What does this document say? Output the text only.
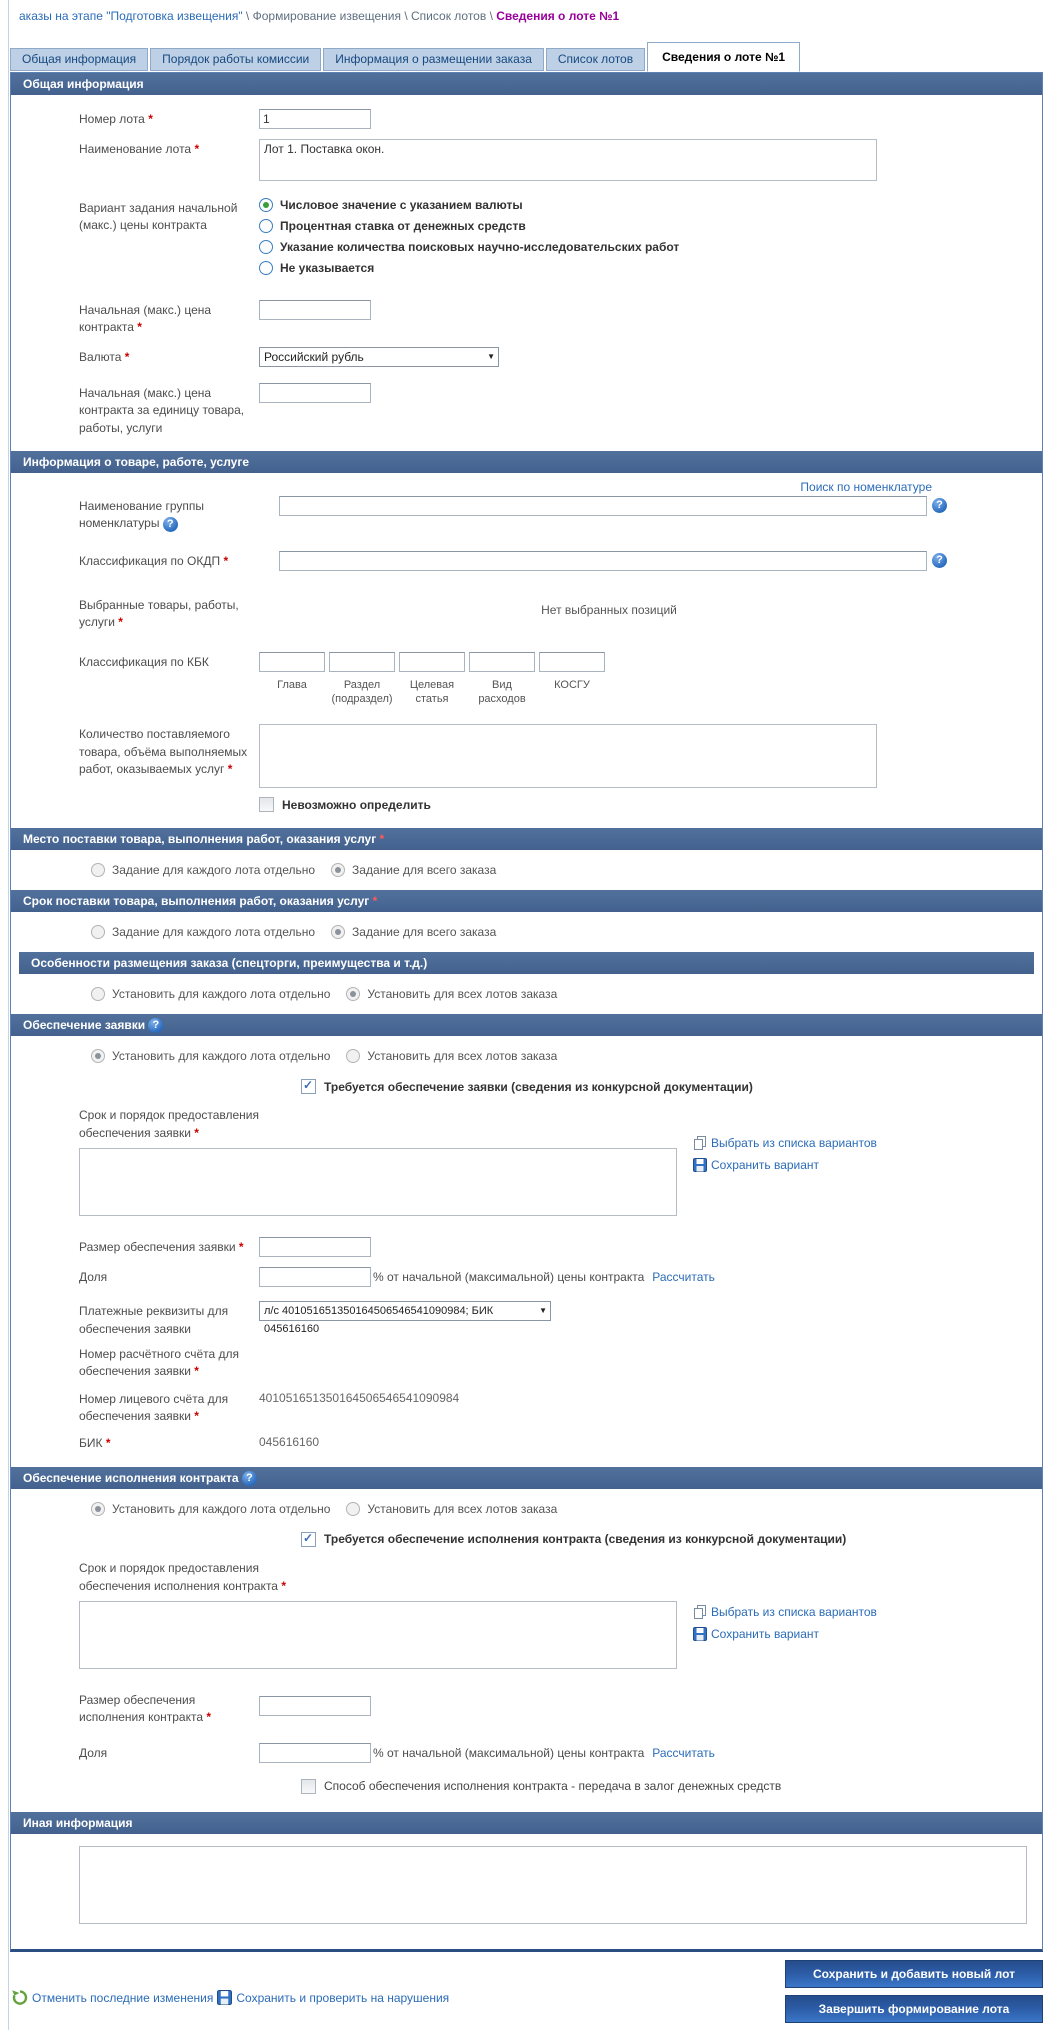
аказы на этапе "Подготовка извещения" \ Формирование извещения \ Список лотов \ Сведения о лоте №1
Общая информация	Порядок работы комиссии	Информация о размещении заказа	Список лотов	Сведения о лоте №1
Общая информация
Номер лота *
1
Наименование лота *
Лот 1. Поставка окон.
Вариант задания начальной (макс.) цены контракта
Числовое значение с указанием валюты
Процентная ставка от денежных средств
Указание количества поисковых научно-исследовательских работ
Не указывается
Начальная (макс.) цена контракта *
Валюта *	Российский рубль ▼
Начальная (макс.) цена контракта за единицу товара, работы, услуги
Информация о товаре, работе, услуге
Поиск по номенклатуре
Наименование группы номенклатуры ?
?
Классификация по ОКДП *	?
Выбранные товары, работы, услуги *
Нет выбранных позиций
Классификация по КБК
Глава	Раздел (подраздел)
Целевая статья
Вид расходов
КОСГУ
Количество поставляемого товара, объёма выполняемых работ, оказываемых услуг *
Невозможно определить
Место поставки товара, выполнения работ, оказания услуг *
Задание для каждого лота отдельно	Задание для всего заказа
Срок поставки товара, выполнения работ, оказания услуг *
Задание для каждого лота отдельно	Задание для всего заказа
Особенности размещения заказа (спецторги, преимущества и т.д.)
Установить для каждого лота отдельно	Установить для всех лотов заказа
Обеспечение заявки ?
Установить для каждого лота отдельно	Установить для всех лотов заказа
✓
Требуется обеспечение заявки (сведения из конкурсной документации)
Срок и порядок предоставления обеспечения заявки *
Выбрать из списка вариантов
Сохранить вариант
Размер обеспечения заявки *
Доля	% от начальной (максимальной) цены контракта Рассчитать
Платежные реквизиты для обеспечения заявки
л/с 401051651350164506546541090984; БИК 045616160 ▼
Номер расчётного счёта для обеспечения заявки *
Номер лицевого счёта для обеспечения заявки *
401051651350164506546541090984
БИК *	045616160
Обеспечение исполнения контракта ?
Установить для каждого лота отдельно	Установить для всех лотов заказа
✓
Требуется обеспечение исполнения контракта (сведения из конкурсной документации)
Срок и порядок предоставления обеспечения исполнения контракта *
Выбрать из списка вариантов
Сохранить вариант
Размер обеспечения исполнения контракта *
Доля	% от начальной (максимальной) цены контракта Рассчитать
Способ обеспечения исполнения контракта - передача в залог денежных средств
Иная информация
Отменить последние изменения Сохранить и проверить на нарушения
Сохранить и добавить новый лот
Завершить формирование лота
